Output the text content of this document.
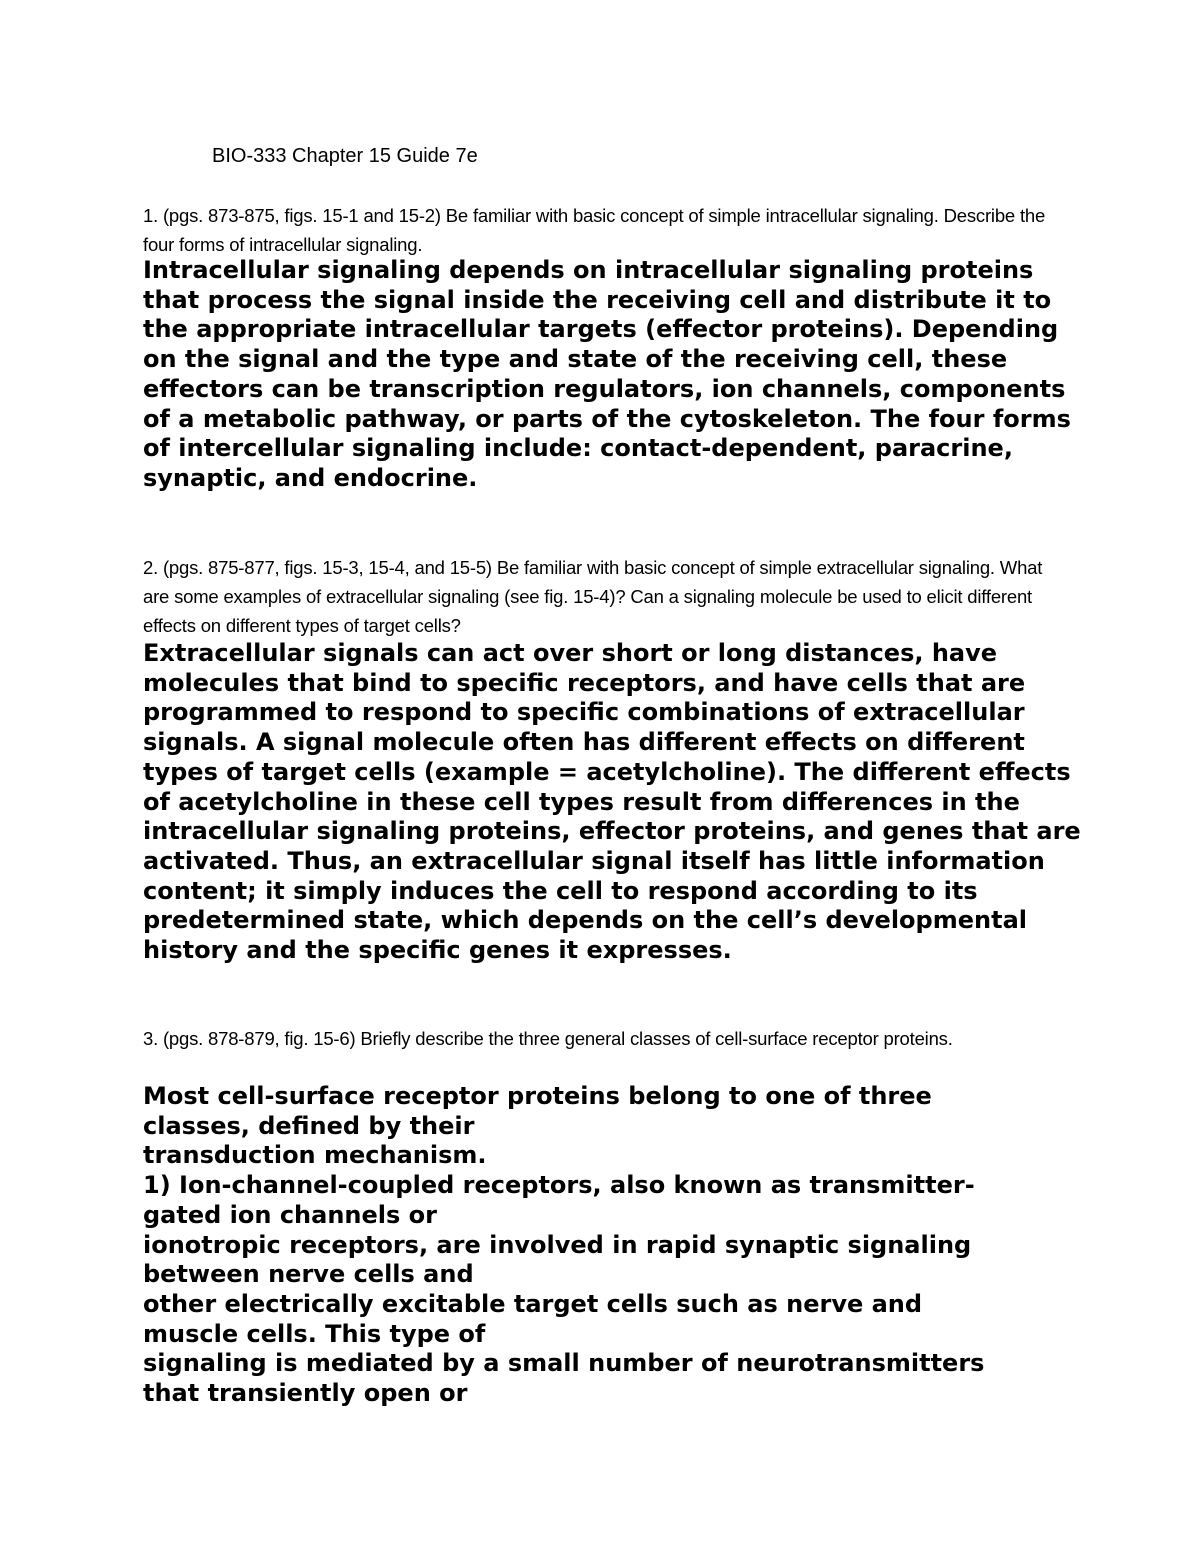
BIO-333 Chapter 15 Guide 7e
1. (pgs. 873-875, figs. 15-1 and 15-2) Be familiar with basic concept of simple intracellular signaling. Describe the four forms of intracellular signaling.
Intracellular signaling depends on intracellular signaling proteins that process the signal inside the receiving cell and distribute it to the appropriate intracellular targets (effector proteins). Depending on the signal and the type and state of the receiving cell, these effectors can be transcription regulators, ion channels, components of a metabolic pathway, or parts of the cytoskeleton. The four forms of intercellular signaling include: contact-dependent, paracrine, synaptic, and endocrine.
2. (pgs. 875-877, figs. 15-3, 15-4, and 15-5) Be familiar with basic concept of simple extracellular signaling. What are some examples of extracellular signaling (see fig. 15-4)? Can a signaling molecule be used to elicit different effects on different types of target cells?
Extracellular signals can act over short or long distances, have molecules that bind to specific receptors, and have cells that are programmed to respond to specific combinations of extracellular signals. A signal molecule often has different effects on different types of target cells (example = acetylcholine). The different effects of acetylcholine in these cell types result from differences in the intracellular signaling proteins, effector proteins, and genes that are activated. Thus, an extracellular signal itself has little information content; it simply induces the cell to respond according to its predetermined state, which depends on the cell’s developmental history and the specific genes it expresses.
3. (pgs. 878-879, fig. 15-6) Briefly describe the three general classes of cell-surface receptor proteins.
Most cell-surface receptor proteins belong to one of three
classes, defined by their
transduction mechanism.
1) Ion-channel-coupled receptors, also known as transmitter-
gated ion channels or
ionotropic receptors, are involved in rapid synaptic signaling
between nerve cells and
other electrically excitable target cells such as nerve and
muscle cells. This type of
signaling is mediated by a small number of neurotransmitters
that transiently open or
